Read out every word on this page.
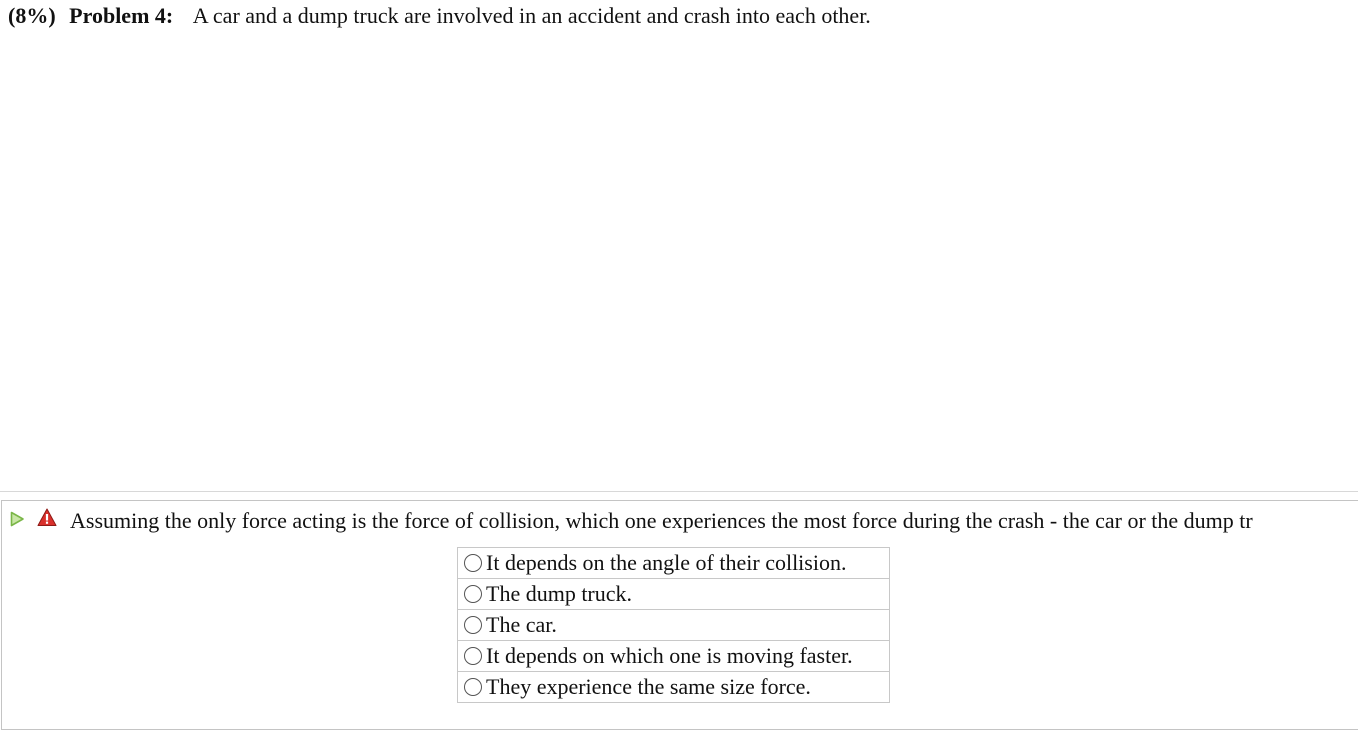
(8%) Problem 4: A car and a dump truck are involved in an accident and crash into each other.
Assuming the only force acting is the force of collision, which one experiences the most force during the crash - the car or the dump tr
It depends on the angle of their collision.
The dump truck.
The car.
It depends on which one is moving faster.
They experience the same size force.
